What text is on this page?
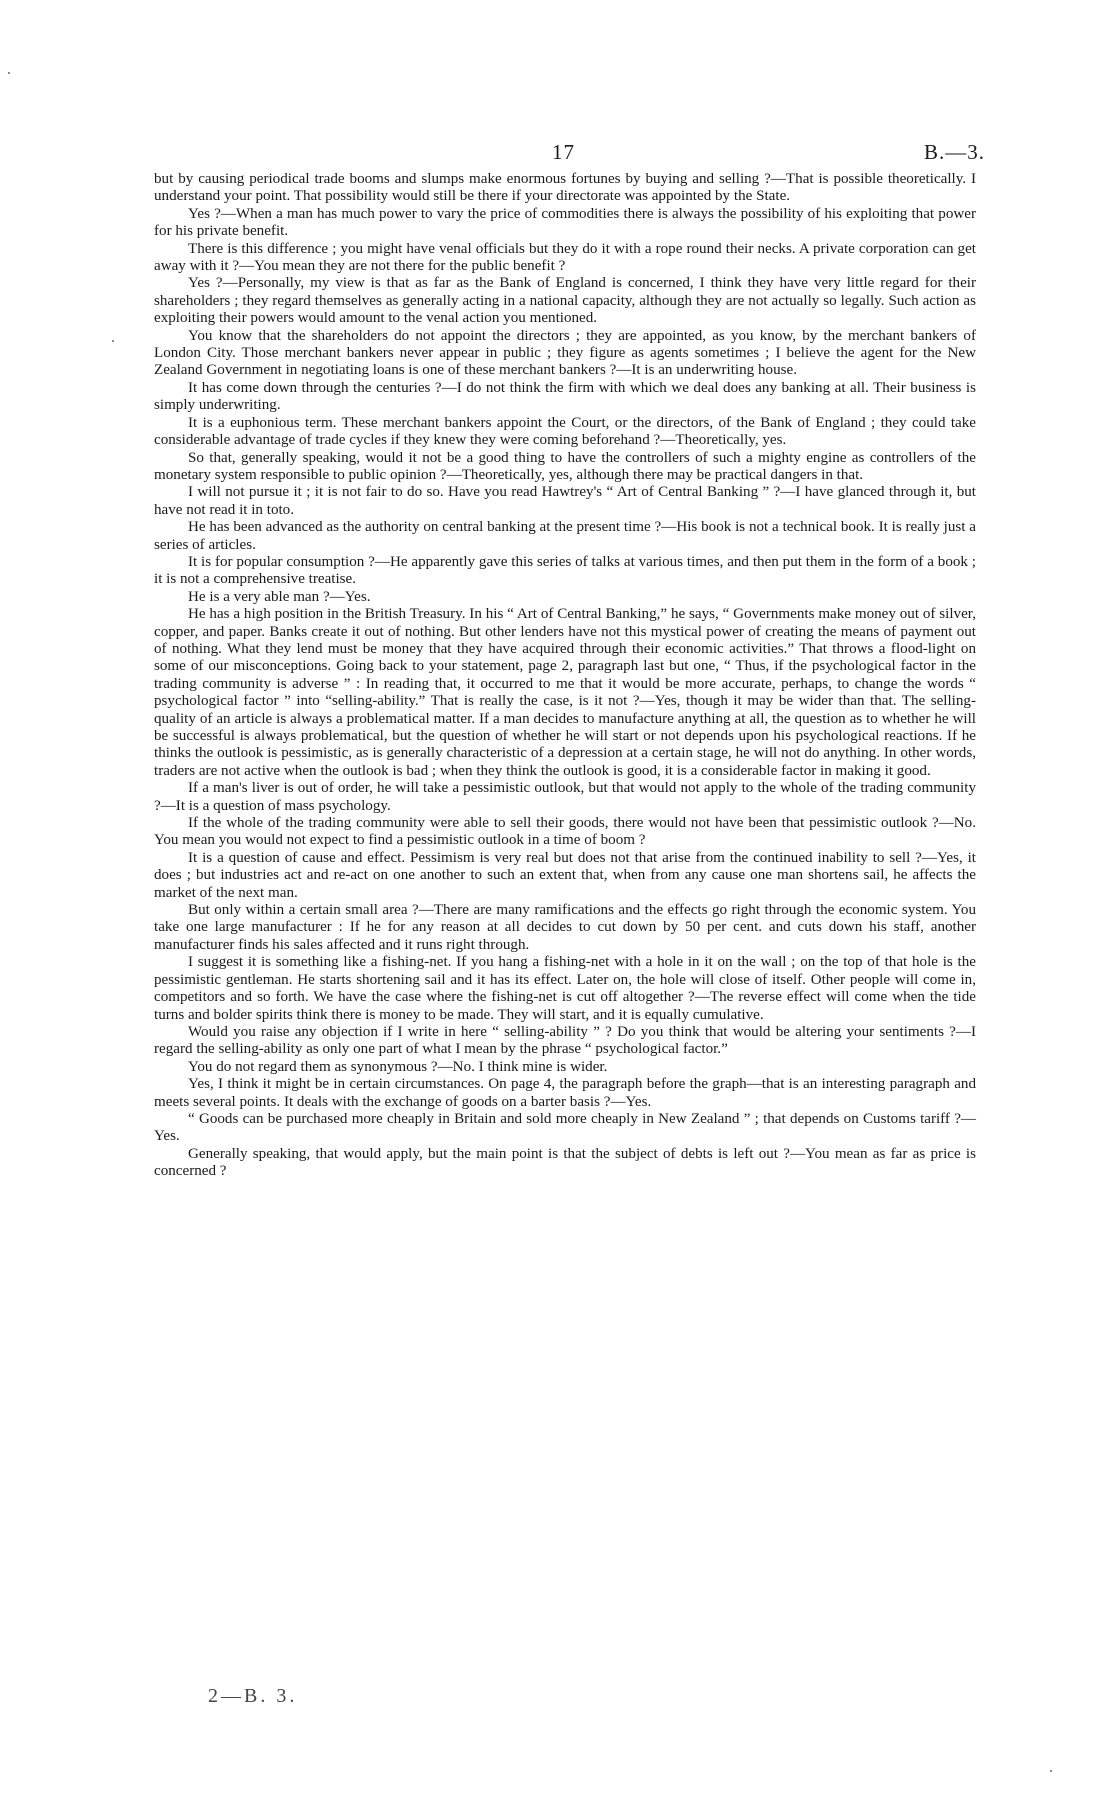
17	B.—3.

but by causing periodical trade booms and slumps make enormous fortunes by buying and selling ?—That is possible theoretically. I understand your point. That possibility would still be there if your directorate was appointed by the State.

Yes ?—When a man has much power to vary the price of commodities there is always the possibility of his exploiting that power for his private benefit.

There is this difference ; you might have venal officials but they do it with a rope round their necks. A private corporation can get away with it ?—You mean they are not there for the public benefit ?

Yes ?—Personally, my view is that as far as the Bank of England is concerned, I think they have very little regard for their shareholders ; they regard themselves as generally acting in a national capacity, although they are not actually so legally. Such action as exploiting their powers would amount to the venal action you mentioned.

You know that the shareholders do not appoint the directors ; they are appointed, as you know, by the merchant bankers of London City. Those merchant bankers never appear in public ; they figure as agents sometimes ; I believe the agent for the New Zealand Government in negotiating loans is one of these merchant bankers ?—It is an underwriting house.

It has come down through the centuries ?—I do not think the firm with which we deal does any banking at all. Their business is simply underwriting.

It is a euphonious term. These merchant bankers appoint the Court, or the directors, of the Bank of England ; they could take considerable advantage of trade cycles if they knew they were coming beforehand ?—Theoretically, yes.

So that, generally speaking, would it not be a good thing to have the controllers of such a mighty engine as controllers of the monetary system responsible to public opinion ?—Theoretically, yes, although there may be practical dangers in that.

I will not pursue it ; it is not fair to do so. Have you read Hawtrey's “ Art of Central Banking ” ?—I have glanced through it, but have not read it in toto.

He has been advanced as the authority on central banking at the present time ?—His book is not a technical book. It is really just a series of articles.

It is for popular consumption ?—He apparently gave this series of talks at various times, and then put them in the form of a book ; it is not a comprehensive treatise.

He is a very able man ?—Yes.

He has a high position in the British Treasury. In his “ Art of Central Banking,” he says, “ Governments make money out of silver, copper, and paper. Banks create it out of nothing. But other lenders have not this mystical power of creating the means of payment out of nothing. What they lend must be money that they have acquired through their economic activities.” That throws a flood-light on some of our misconceptions. Going back to your statement, page 2, paragraph last but one, “ Thus, if the psychological factor in the trading community is adverse ” : In reading that, it occurred to me that it would be more accurate, perhaps, to change the words “ psychological factor ” into “selling-ability.” That is really the case, is it not ?—Yes, though it may be wider than that. The selling-quality of an article is always a problematical matter. If a man decides to manufacture anything at all, the question as to whether he will be successful is always problematical, but the question of whether he will start or not depends upon his psychological reactions. If he thinks the outlook is pessimistic, as is generally characteristic of a depression at a certain stage, he will not do anything. In other words, traders are not active when the outlook is bad ; when they think the outlook is good, it is a considerable factor in making it good.

If a man's liver is out of order, he will take a pessimistic outlook, but that would not apply to the whole of the trading community ?—It is a question of mass psychology.

If the whole of the trading community were able to sell their goods, there would not have been that pessimistic outlook ?—No. You mean you would not expect to find a pessimistic outlook in a time of boom ?

It is a question of cause and effect. Pessimism is very real but does not that arise from the continued inability to sell ?—Yes, it does ; but industries act and re-act on one another to such an extent that, when from any cause one man shortens sail, he affects the market of the next man.

But only within a certain small area ?—There are many ramifications and the effects go right through the economic system. You take one large manufacturer : If he for any reason at all decides to cut down by 50 per cent. and cuts down his staff, another manufacturer finds his sales affected and it runs right through.

I suggest it is something like a fishing-net. If you hang a fishing-net with a hole in it on the wall ; on the top of that hole is the pessimistic gentleman. He starts shortening sail and it has its effect. Later on, the hole will close of itself. Other people will come in, competitors and so forth. We have the case where the fishing-net is cut off altogether ?—The reverse effect will come when the tide turns and bolder spirits think there is money to be made. They will start, and it is equally cumulative.

Would you raise any objection if I write in here “ selling-ability ” ? Do you think that would be altering your sentiments ?—I regard the selling-ability as only one part of what I mean by the phrase “ psychological factor.”

You do not regard them as synonymous ?—No. I think mine is wider.

Yes, I think it might be in certain circumstances. On page 4, the paragraph before the graph—that is an interesting paragraph and meets several points. It deals with the exchange of goods on a barter basis ?—Yes.

“ Goods can be purchased more cheaply in Britain and sold more cheaply in New Zealand ” ; that depends on Customs tariff ?—Yes.

Generally speaking, that would apply, but the main point is that the subject of debts is left out ?—You mean as far as price is concerned ?

2—B. 3.
